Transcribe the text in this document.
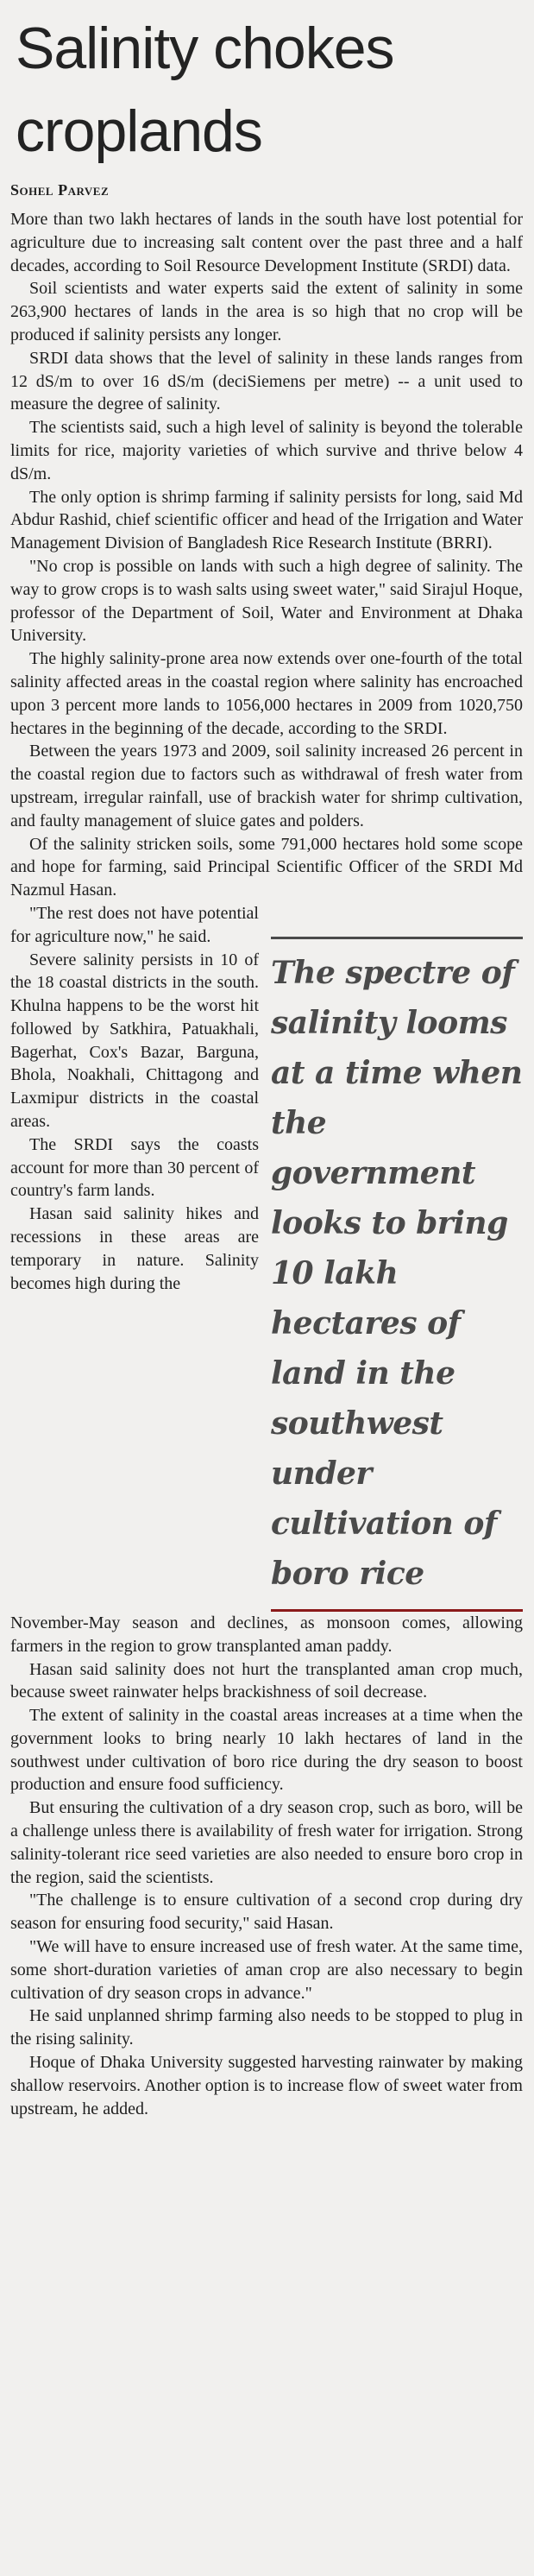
Salinity chokes
croplands
Sohel Parvez

More than two lakh hectares of lands in the south have lost potential for agriculture due to increasing salt content over the past three and a half decades, according to Soil Resource Development Institute (SRDI) data.

Soil scientists and water experts said the extent of salinity in some 263,900 hectares of lands in the area is so high that no crop will be produced if salinity persists any longer.

SRDI data shows that the level of salinity in these lands ranges from 12 dS/m to over 16 dS/m (deciSiemens per metre) -- a unit used to measure the degree of salinity.

The scientists said, such a high level of salinity is beyond the tolerable limits for rice, majority varieties of which survive and thrive below 4 dS/m.

The only option is shrimp farming if salinity persists for long, said Md Abdur Rashid, chief scientific officer and head of the Irrigation and Water Management Division of Bangladesh Rice Research Institute (BRRI).

"No crop is possible on lands with such a high degree of salinity. The way to grow crops is to wash salts using sweet water," said Sirajul Hoque, professor of the Department of Soil, Water and Environment at Dhaka University.

The highly salinity-prone area now extends over one-fourth of the total salinity affected areas in the coastal region where salinity has encroached upon 3 percent more lands to 1056,000 hectares in 2009 from 1020,750 hectares in the beginning of the decade, according to the SRDI.

Between the years 1973 and 2009, soil salinity increased 26 percent in the coastal region due to factors such as withdrawal of fresh water from upstream, irregular rainfall, use of brackish water for shrimp cultivation, and faulty management of sluice gates and polders.

Of the salinity stricken soils, some 791,000 hectares hold some scope and hope for farming, said Principal Scientific Officer of the SRDI Md Nazmul Hasan.

"The rest does not have potential for agriculture now," he said.

Severe salinity persists in 10 of the 18 coastal districts in the south. Khulna happens to be the worst hit followed by Satkhira, Patuakhali, Bagerhat, Cox's Bazar, Barguna, Bhola, Noakhali, Chittagong and Laxmipur districts in the coastal areas.

The SRDI says the coasts account for more than 30 percent of country's farm lands.

Hasan said salinity hikes and recessions in these areas are temporary in nature. Salinity becomes high during the

The spectre of salinity looms at a time when the government looks to bring 10 lakh hectares of land in the southwest under cultivation of boro rice

November-May season and declines, as monsoon comes, allowing farmers in the region to grow transplanted aman paddy.

Hasan said salinity does not hurt the transplanted aman crop much, because sweet rainwater helps brackishness of soil decrease.

The extent of salinity in the coastal areas increases at a time when the government looks to bring nearly 10 lakh hectares of land in the southwest under cultivation of boro rice during the dry season to boost production and ensure food sufficiency.

But ensuring the cultivation of a dry season crop, such as boro, will be a challenge unless there is availability of fresh water for irrigation. Strong salinity-tolerant rice seed varieties are also needed to ensure boro crop in the region, said the scientists.

"The challenge is to ensure cultivation of a second crop during dry season for ensuring food security," said Hasan.

"We will have to ensure increased use of fresh water. At the same time, some short-duration varieties of aman crop are also necessary to begin cultivation of dry season crops in advance."

He said unplanned shrimp farming also needs to be stopped to plug in the rising salinity.

Hoque of Dhaka University suggested harvesting rainwater by making shallow reservoirs. Another option is to increase flow of sweet water from upstream, he added.
